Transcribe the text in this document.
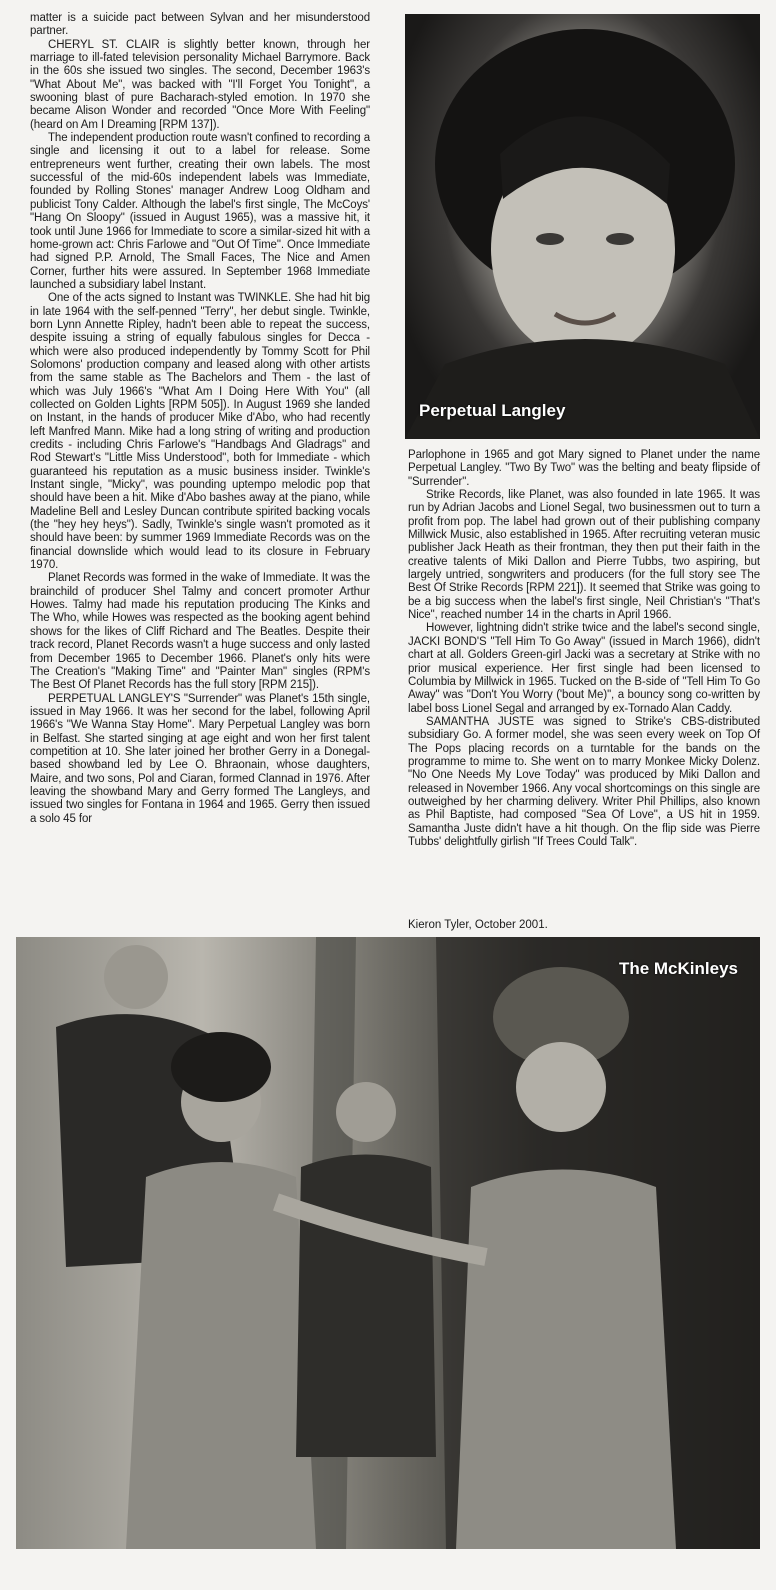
matter is a suicide pact between Sylvan and her misunderstood partner.

CHERYL ST. CLAIR is slightly better known, through her marriage to ill-fated television personality Michael Barrymore. Back in the 60s she issued two singles. The second, December 1963's "What About Me", was backed with "I'll Forget You Tonight", a swooning blast of pure Bacharach-styled emotion. In 1970 she became Alison Wonder and recorded "Once More With Feeling" (heard on Am I Dreaming [RPM 137]).

The independent production route wasn't confined to recording a single and licensing it out to a label for release. Some entrepreneurs went further, creating their own labels. The most successful of the mid-60s independent labels was Immediate, founded by Rolling Stones' manager Andrew Loog Oldham and publicist Tony Calder. Although the label's first single, The McCoys' "Hang On Sloopy" (issued in August 1965), was a massive hit, it took until June 1966 for Immediate to score a similar-sized hit with a home-grown act: Chris Farlowe and "Out Of Time". Once Immediate had signed P.P. Arnold, The Small Faces, The Nice and Amen Corner, further hits were assured. In September 1968 Immediate launched a subsidiary label Instant.

One of the acts signed to Instant was TWINKLE. She had hit big in late 1964 with the self-penned "Terry", her debut single. Twinkle, born Lynn Annette Ripley, hadn't been able to repeat the success, despite issuing a string of equally fabulous singles for Decca - which were also produced independently by Tommy Scott for Phil Solomons' production company and leased along with other artists from the same stable as The Bachelors and Them - the last of which was July 1966's "What Am I Doing Here With You" (all collected on Golden Lights [RPM 505]). In August 1969 she landed on Instant, in the hands of producer Mike d'Abo, who had recently left Manfred Mann. Mike had a long string of writing and production credits - including Chris Farlowe's "Handbags And Gladrags" and Rod Stewart's "Little Miss Understood", both for Immediate - which guaranteed his reputation as a music business insider. Twinkle's Instant single, "Micky", was pounding uptempo melodic pop that should have been a hit. Mike d'Abo bashes away at the piano, while Madeline Bell and Lesley Duncan contribute spirited backing vocals (the "hey hey heys"). Sadly, Twinkle's single wasn't promoted as it should have been: by summer 1969 Immediate Records was on the financial downslide which would lead to its closure in February 1970.

Planet Records was formed in the wake of Immediate. It was the brainchild of producer Shel Talmy and concert promoter Arthur Howes. Talmy had made his reputation producing The Kinks and The Who, while Howes was respected as the booking agent behind shows for the likes of Cliff Richard and The Beatles. Despite their track record, Planet Records wasn't a huge success and only lasted from December 1965 to December 1966. Planet's only hits were The Creation's "Making Time" and "Painter Man" singles (RPM's The Best Of Planet Records has the full story [RPM 215]).

PERPETUAL LANGLEY'S "Surrender" was Planet's 15th single, issued in May 1966. It was her second for the label, following April 1966's "We Wanna Stay Home". Mary Perpetual Langley was born in Belfast. She started singing at age eight and won her first talent competition at 10. She later joined her brother Gerry in a Donegal-based showband led by Lee O. Bhraonain, whose daughters, Maire, and two sons, Pol and Ciaran, formed Clannad in 1976. After leaving the showband Mary and Gerry formed The Langleys, and issued two singles for Fontana in 1964 and 1965. Gerry then issued a solo 45 for

Perpetual Langley

Parlophone in 1965 and got Mary signed to Planet under the name Perpetual Langley. "Two By Two" was the belting and beaty flipside of "Surrender".

Strike Records, like Planet, was also founded in late 1965. It was run by Adrian Jacobs and Lionel Segal, two businessmen out to turn a profit from pop. The label had grown out of their publishing company Millwick Music, also established in 1965. After recruiting veteran music publisher Jack Heath as their frontman, they then put their faith in the creative talents of Miki Dallon and Pierre Tubbs, two aspiring, but largely untried, songwriters and producers (for the full story see The Best Of Strike Records [RPM 221]). It seemed that Strike was going to be a big success when the label's first single, Neil Christian's "That's Nice", reached number 14 in the charts in April 1966.

However, lightning didn't strike twice and the label's second single, JACKI BOND'S "Tell Him To Go Away" (issued in March 1966), didn't chart at all. Golders Green-girl Jacki was a secretary at Strike with no prior musical experience. Her first single had been licensed to Columbia by Millwick in 1965. Tucked on the B-side of "Tell Him To Go Away" was "Don't You Worry ('bout Me)", a bouncy song co-written by label boss Lionel Segal and arranged by ex-Tornado Alan Caddy.

SAMANTHA JUSTE was signed to Strike's CBS-distributed subsidiary Go. A former model, she was seen every week on Top Of The Pops placing records on a turntable for the bands on the programme to mime to. She went on to marry Monkee Micky Dolenz. "No One Needs My Love Today" was produced by Miki Dallon and released in November 1966. Any vocal shortcomings on this single are outweighed by her charming delivery. Writer Phil Phillips, also known as Phil Baptiste, had composed "Sea Of Love", a US hit in 1959. Samantha Juste didn't have a hit though. On the flip side was Pierre Tubbs' delightfully girlish "If Trees Could Talk".

Kieron Tyler, October 2001.
The McKinleys
